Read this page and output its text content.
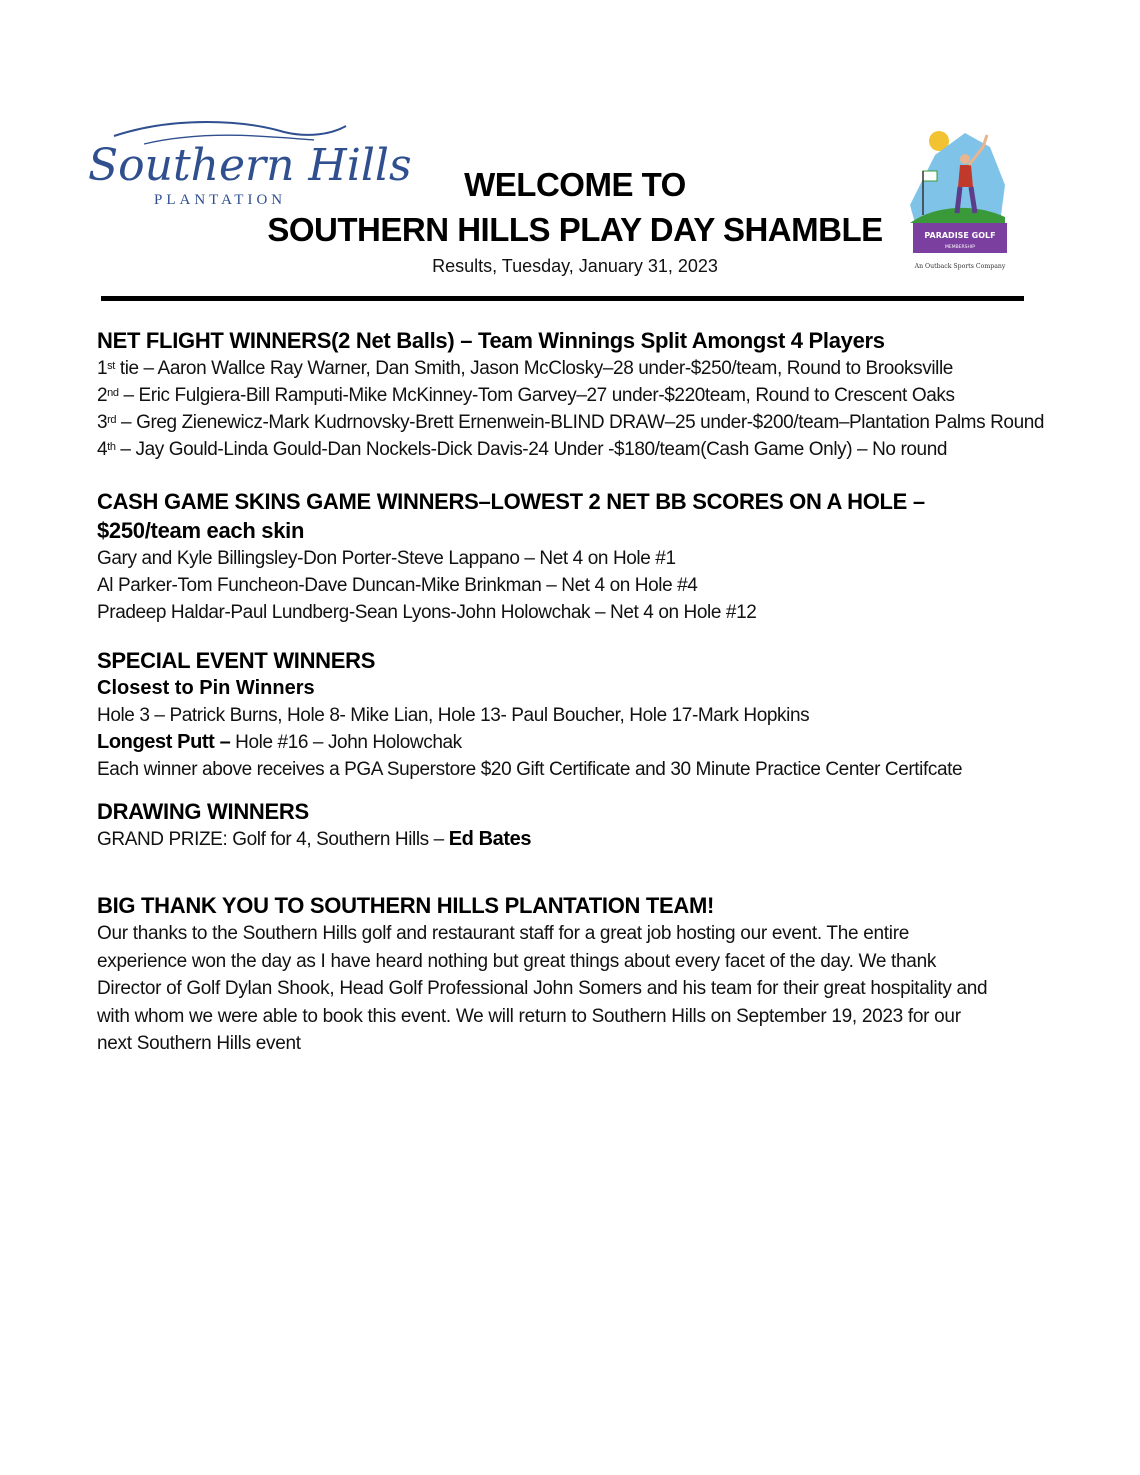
Southern Hills
PLANTATION
PARADISE GOLF
MEMBERSHIP
An Outback Sports Company
WELCOME TO
SOUTHERN HILLS PLAY DAY SHAMBLE
Results, Tuesday, January 31, 2023
NET FLIGHT WINNERS(2 Net Balls) – Team Winnings Split Amongst 4 Players
1st tie – Aaron Wallce Ray Warner, Dan Smith, Jason McClosky–28 under-$250/team, Round to Brooksville
2nd – Eric Fulgiera-Bill Ramputi-Mike McKinney-Tom Garvey–27 under-$220team, Round to Crescent Oaks
3rd – Greg Zienewicz-Mark Kudrnovsky-Brett Ernenwein-BLIND DRAW–25 under-$200/team–Plantation Palms Round
4th – Jay Gould-Linda Gould-Dan Nockels-Dick Davis-24 Under -$180/team(Cash Game Only) – No round
CASH GAME SKINS GAME WINNERS–LOWEST 2 NET BB SCORES ON A HOLE –
$250/team each skin
Gary and Kyle Billingsley-Don Porter-Steve Lappano – Net 4 on Hole #1
Al Parker-Tom Funcheon-Dave Duncan-Mike Brinkman – Net 4 on Hole #4
Pradeep Haldar-Paul Lundberg-Sean Lyons-John Holowchak – Net 4 on Hole #12
SPECIAL EVENT WINNERS
Closest to Pin Winners
Hole 3 – Patrick Burns, Hole 8- Mike Lian, Hole 13- Paul Boucher, Hole 17-Mark Hopkins
Longest Putt – Hole #16 – John Holowchak
Each winner above receives a PGA Superstore $20 Gift Certificate and 30 Minute Practice Center Certifcate
DRAWING WINNERS
GRAND PRIZE: Golf for 4, Southern Hills – Ed Bates
BIG THANK YOU TO SOUTHERN HILLS PLANTATION TEAM!
Our thanks to the Southern Hills golf and restaurant staff for a great job hosting our event. The entire
experience won the day as I have heard nothing but great things about every facet of the day. We thank
Director of Golf Dylan Shook, Head Golf Professional John Somers and his team for their great hospitality and
with whom we were able to book this event. We will return to Southern Hills on September 19, 2023 for our
next Southern Hills event
